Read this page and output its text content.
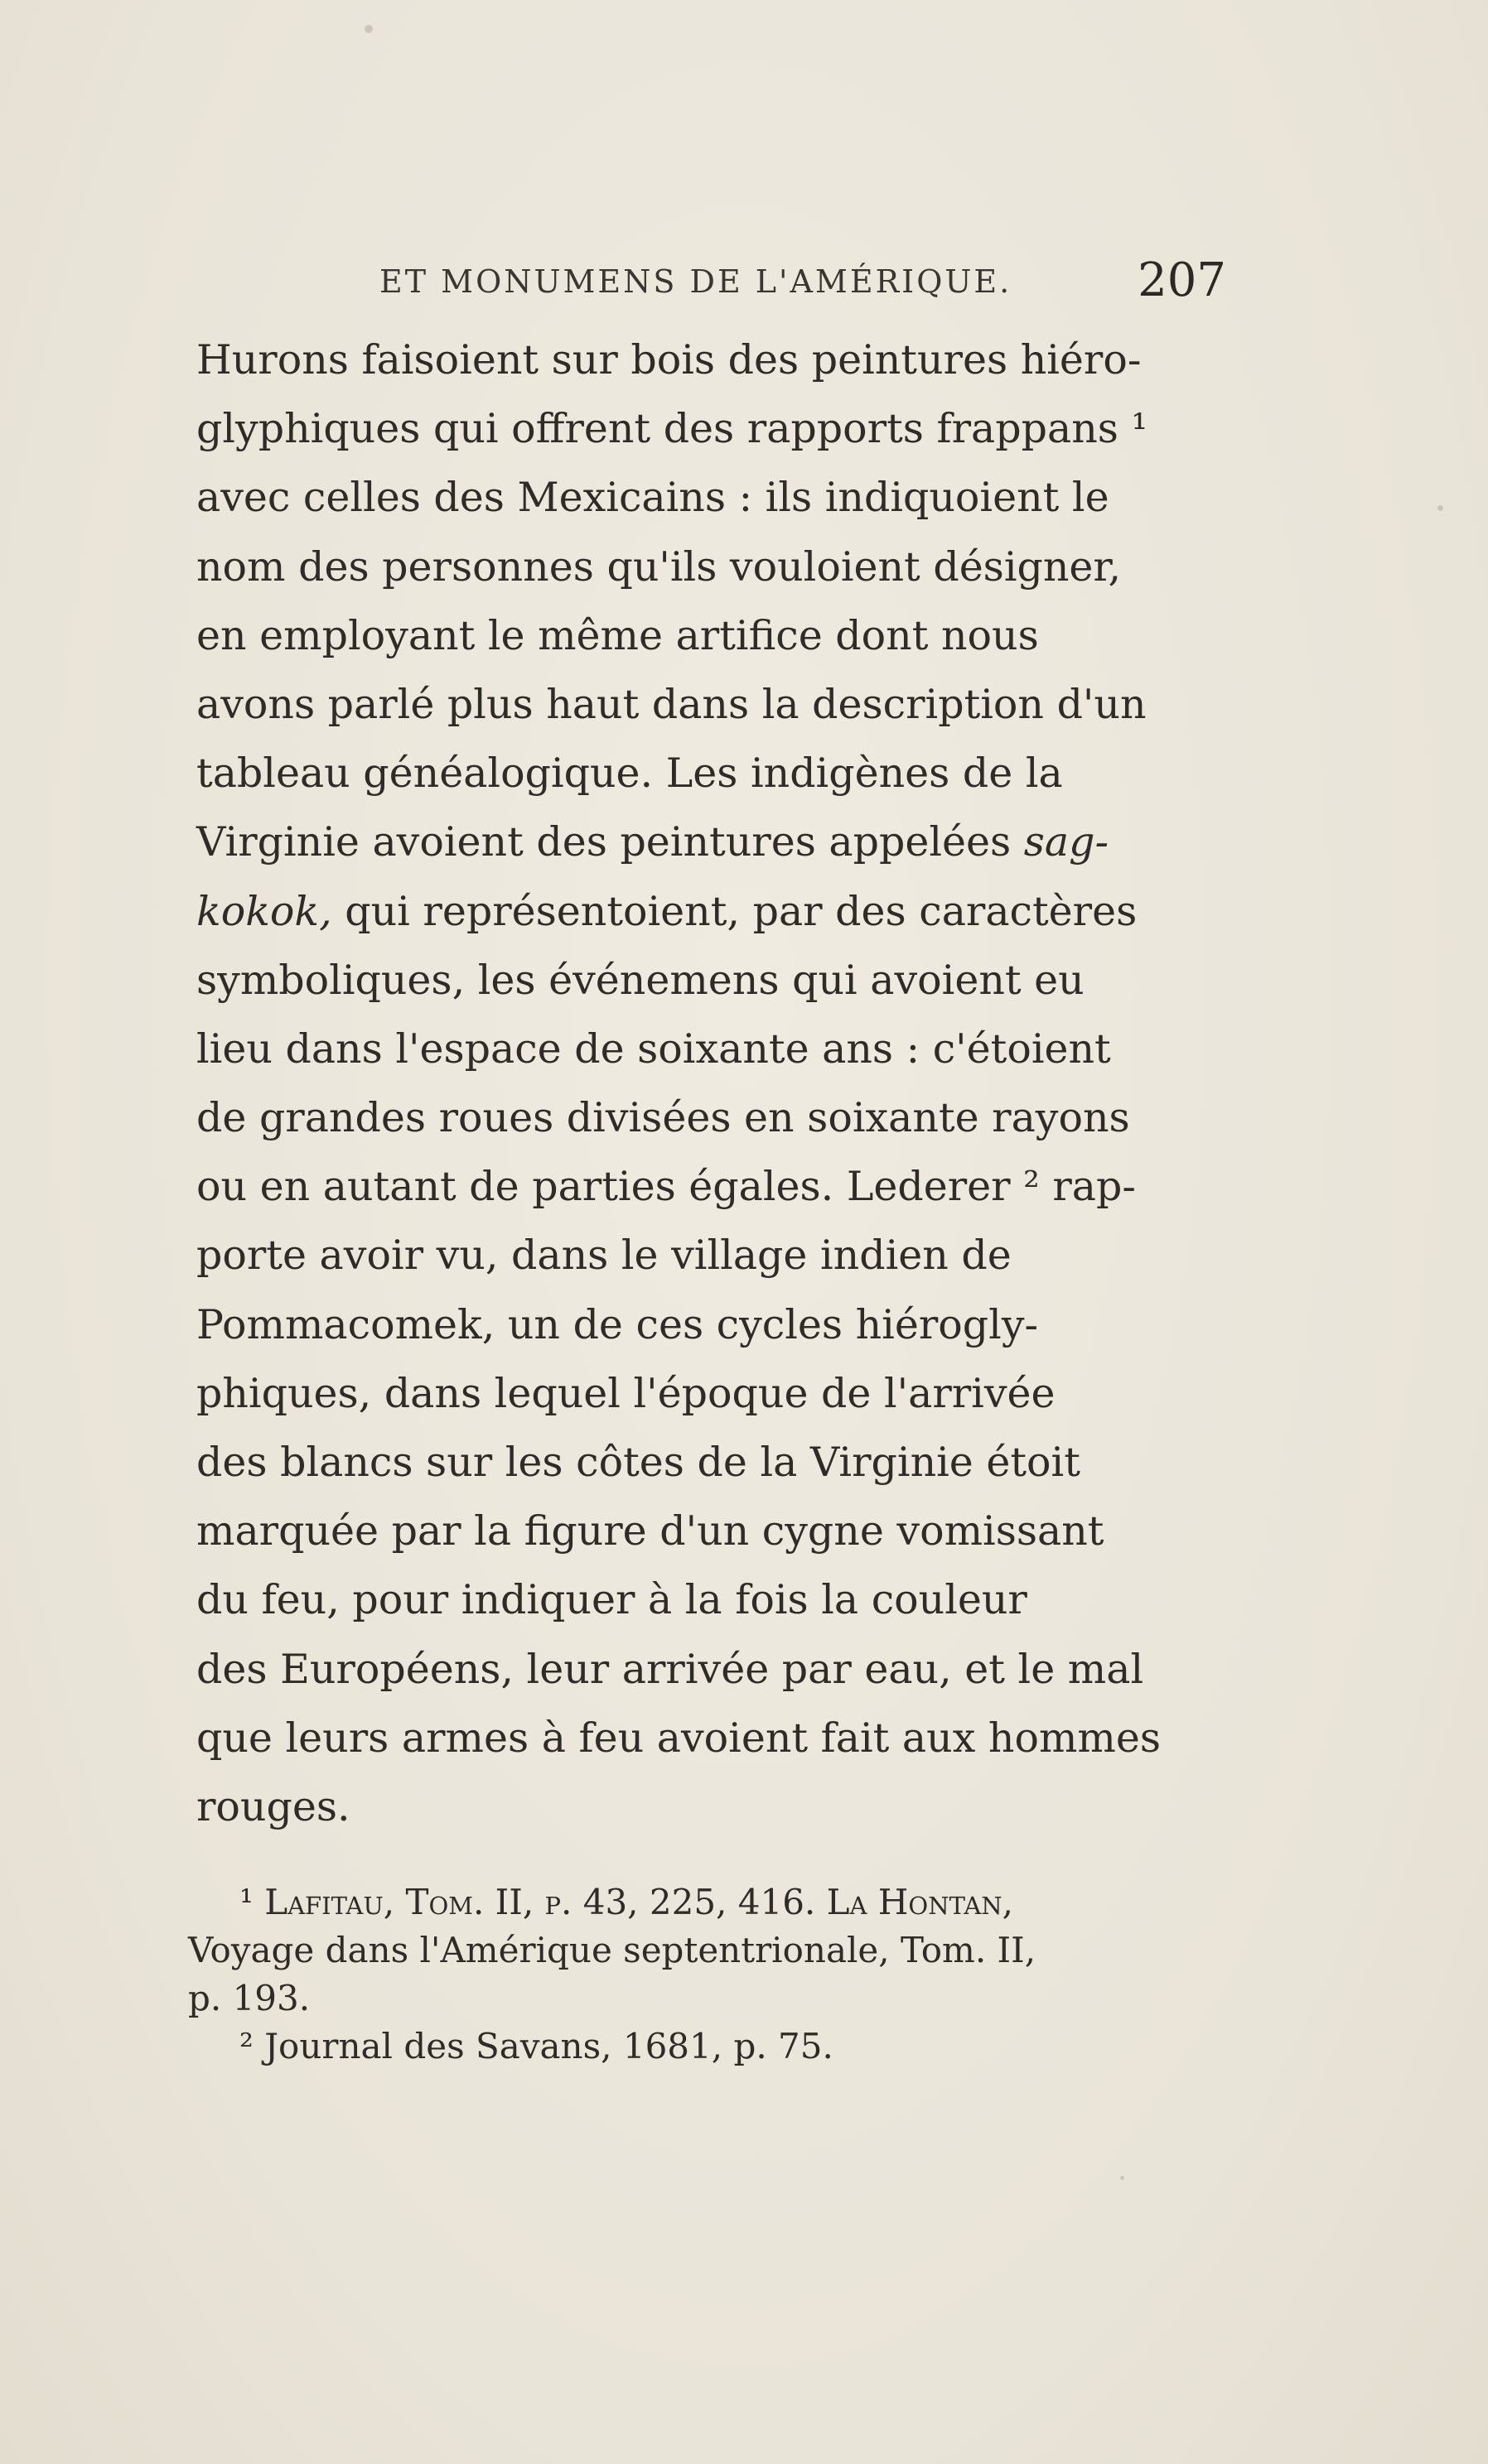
ET MONUMENS DE L'AMÉRIQUE.	207
Hurons faisoient sur bois des peintures hiéro-
glyphiques qui offrent des rapports frappans ¹
avec celles des Mexicains : ils indiquoient le
nom des personnes qu'ils vouloient désigner,
en employant le même artifice dont nous
avons parlé plus haut dans la description d'un
tableau généalogique. Les indigènes de la
Virginie avoient des peintures appelées sag-
kokok, qui représentoient, par des caractères
symboliques, les événemens qui avoient eu
lieu dans l'espace de soixante ans : c'étoient
de grandes roues divisées en soixante rayons
ou en autant de parties égales. Lederer ² rap-
porte avoir vu, dans le village indien de
Pommacomek, un de ces cycles hiérogly-
phiques, dans lequel l'époque de l'arrivée
des blancs sur les côtes de la Virginie étoit
marquée par la figure d'un cygne vomissant
du feu, pour indiquer à la fois la couleur
des Européens, leur arrivée par eau, et le mal
que leurs armes à feu avoient fait aux hommes
rouges.
¹ Lafitau, Tom. II, p. 43, 225, 416. La Hontan,
Voyage dans l'Amérique septentrionale, Tom. II,
p. 193.
² Journal des Savans, 1681, p. 75.
